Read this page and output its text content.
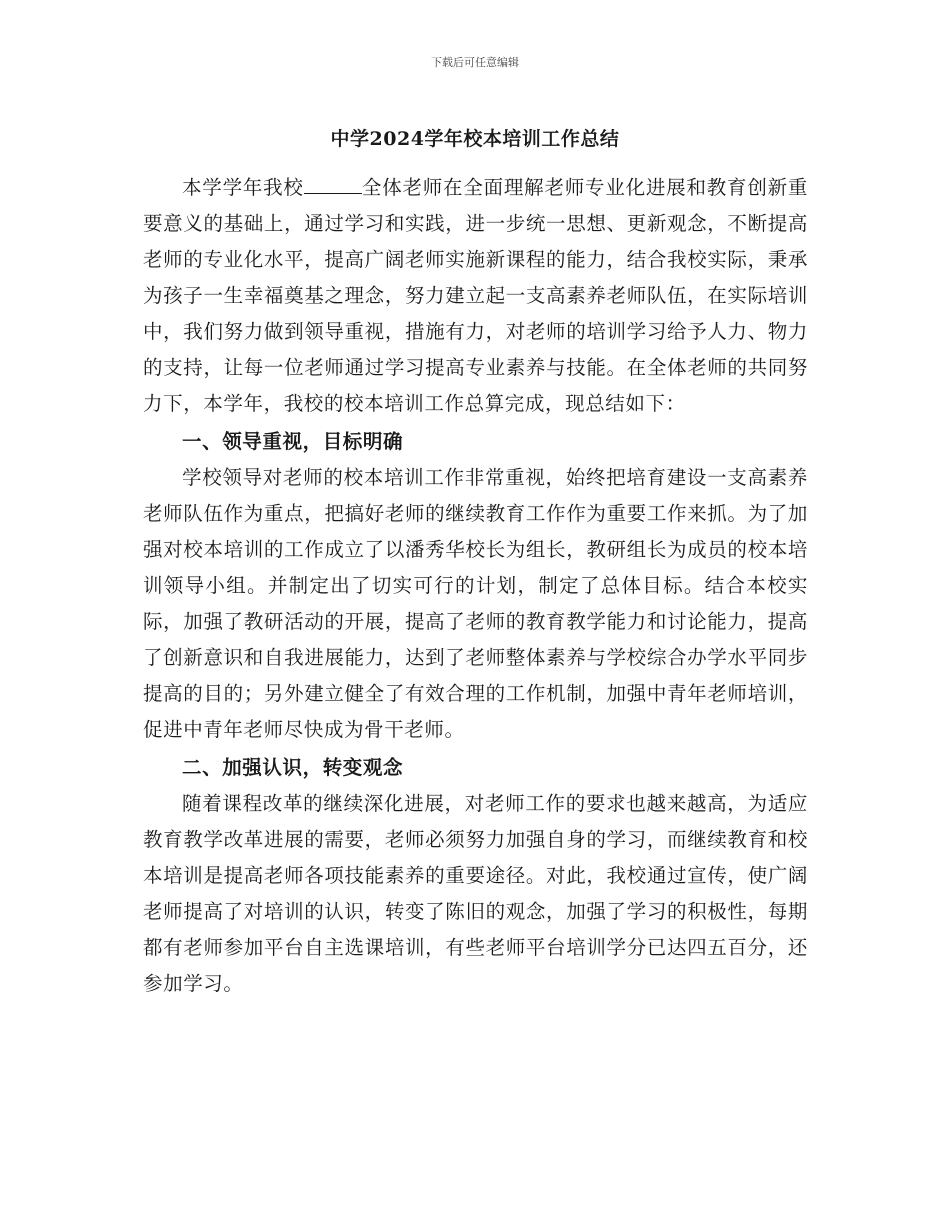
下载后可任意编辑
中学2024学年校本培训工作总结

本学学年我校	全体老师在全面理解老师专业化进展和教育创新重要意义的基础上，通过学习和实践，进一步统一思想、更新观念，不断提高老师的专业化水平，提高广阔老师实施新课程的能力，结合我校实际，秉承为孩子一生幸福奠基之理念，努力建立起一支高素养老师队伍，在实际培训中，我们努力做到领导重视，措施有力，对老师的培训学习给予人力、物力的支持，让每一位老师通过学习提高专业素养与技能。在全体老师的共同努力下，本学年，我校的校本培训工作总算完成，现总结如下：

一、领导重视，目标明确

学校领导对老师的校本培训工作非常重视，始终把培育建设一支高素养老师队伍作为重点，把搞好老师的继续教育工作作为重要工作来抓。为了加强对校本培训的工作成立了以潘秀华校长为组长，教研组长为成员的校本培训领导小组。并制定出了切实可行的计划，制定了总体目标。结合本校实际，加强了教研活动的开展，提高了老师的教育教学能力和讨论能力，提高了创新意识和自我进展能力，达到了老师整体素养与学校综合办学水平同步提高的目的；另外建立健全了有效合理的工作机制，加强中青年老师培训，促进中青年老师尽快成为骨干老师。

二、加强认识，转变观念

随着课程改革的继续深化进展，对老师工作的要求也越来越高，为适应教育教学改革进展的需要，老师必须努力加强自身的学习，而继续教育和校本培训是提高老师各项技能素养的重要途径。对此，我校通过宣传，使广阔老师提高了对培训的认识，转变了陈旧的观念，加强了学习的积极性，每期都有老师参加平台自主选课培训，有些老师平台培训学分已达四五百分，还参加学习。
